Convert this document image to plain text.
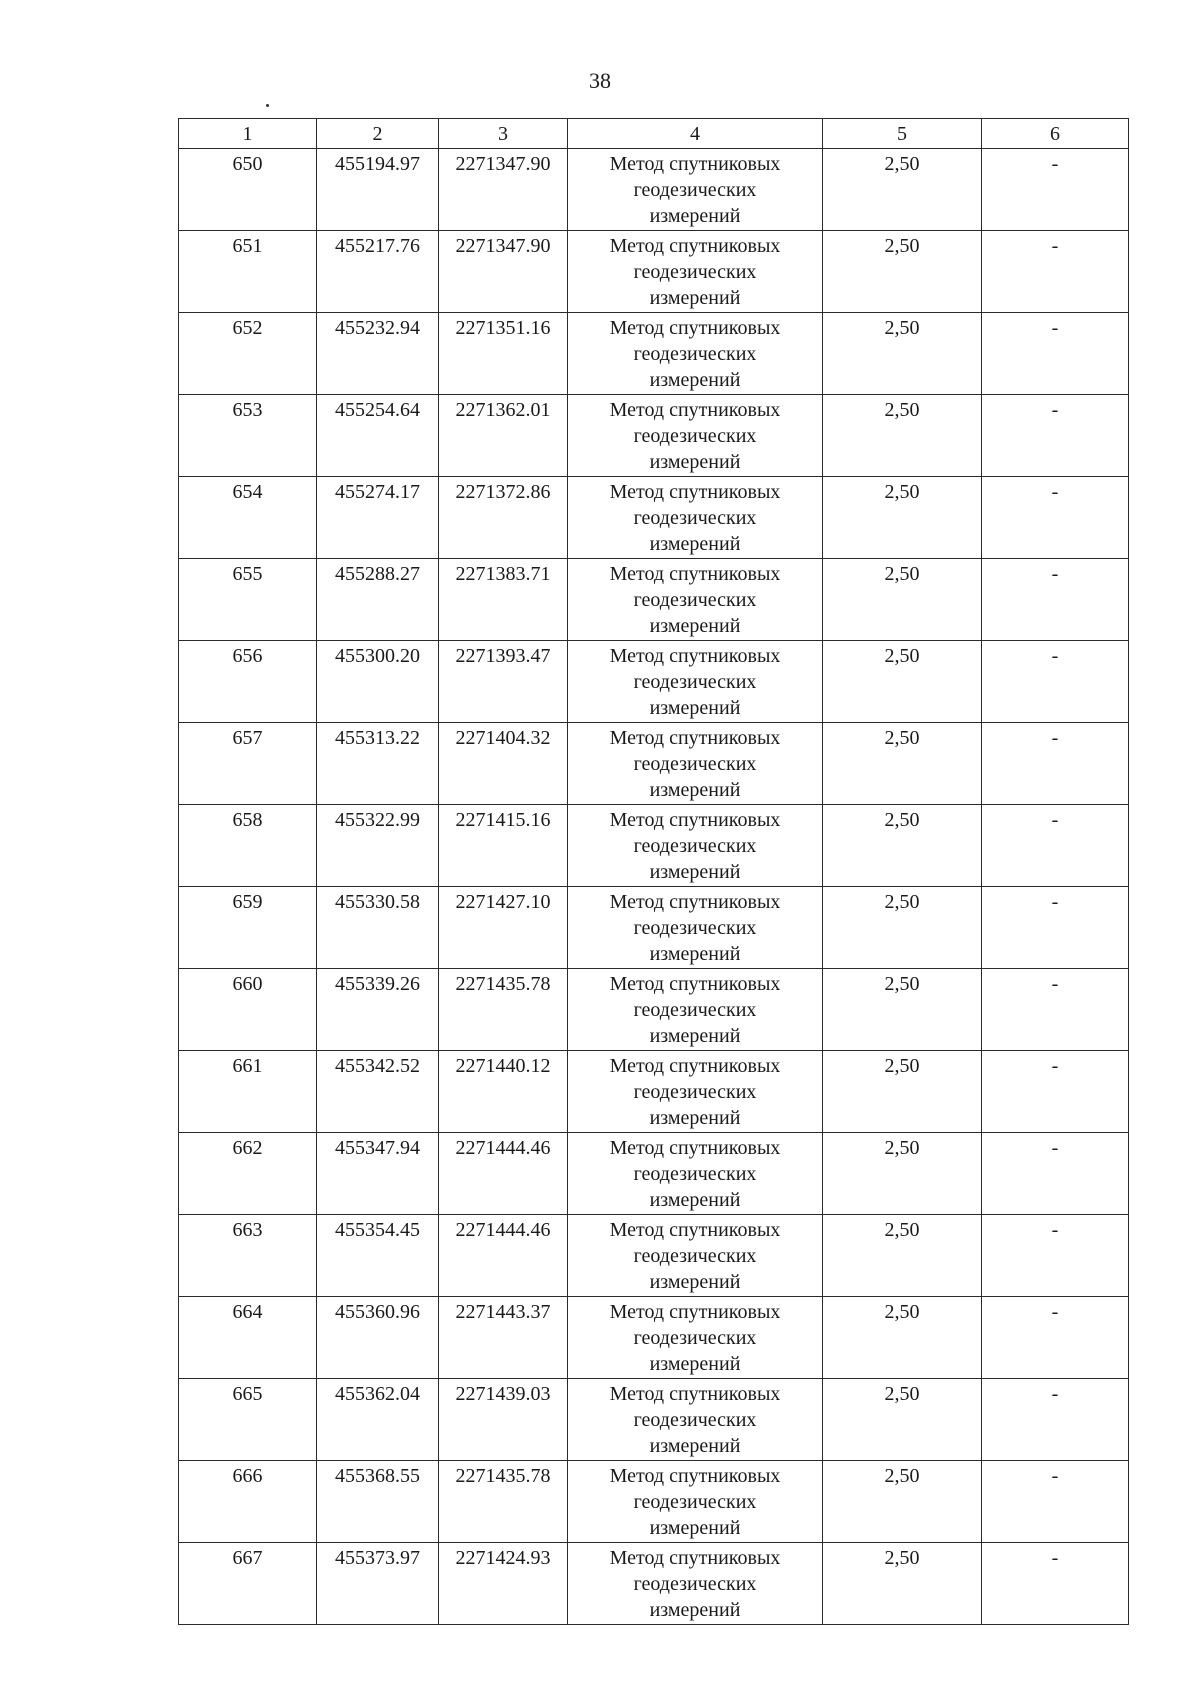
38
1	2	3	4	5	6
650	455194.97	2271347.90	Метод спутниковых
геодезических
измерений	2,50	-
651	455217.76	2271347.90	Метод спутниковых
геодезических
измерений	2,50	-
652	455232.94	2271351.16	Метод спутниковых
геодезических
измерений	2,50	-
653	455254.64	2271362.01	Метод спутниковых
геодезических
измерений	2,50	-
654	455274.17	2271372.86	Метод спутниковых
геодезических
измерений	2,50	-
655	455288.27	2271383.71	Метод спутниковых
геодезических
измерений	2,50	-
656	455300.20	2271393.47	Метод спутниковых
геодезических
измерений	2,50	-
657	455313.22	2271404.32	Метод спутниковых
геодезических
измерений	2,50	-
658	455322.99	2271415.16	Метод спутниковых
геодезических
измерений	2,50	-
659	455330.58	2271427.10	Метод спутниковых
геодезических
измерений	2,50	-
660	455339.26	2271435.78	Метод спутниковых
геодезических
измерений	2,50	-
661	455342.52	2271440.12	Метод спутниковых
геодезических
измерений	2,50	-
662	455347.94	2271444.46	Метод спутниковых
геодезических
измерений	2,50	-
663	455354.45	2271444.46	Метод спутниковых
геодезических
измерений	2,50	-
664	455360.96	2271443.37	Метод спутниковых
геодезических
измерений	2,50	-
665	455362.04	2271439.03	Метод спутниковых
геодезических
измерений	2,50	-
666	455368.55	2271435.78	Метод спутниковых
геодезических
измерений	2,50	-
667	455373.97	2271424.93	Метод спутниковых
геодезических
измерений	2,50	-
